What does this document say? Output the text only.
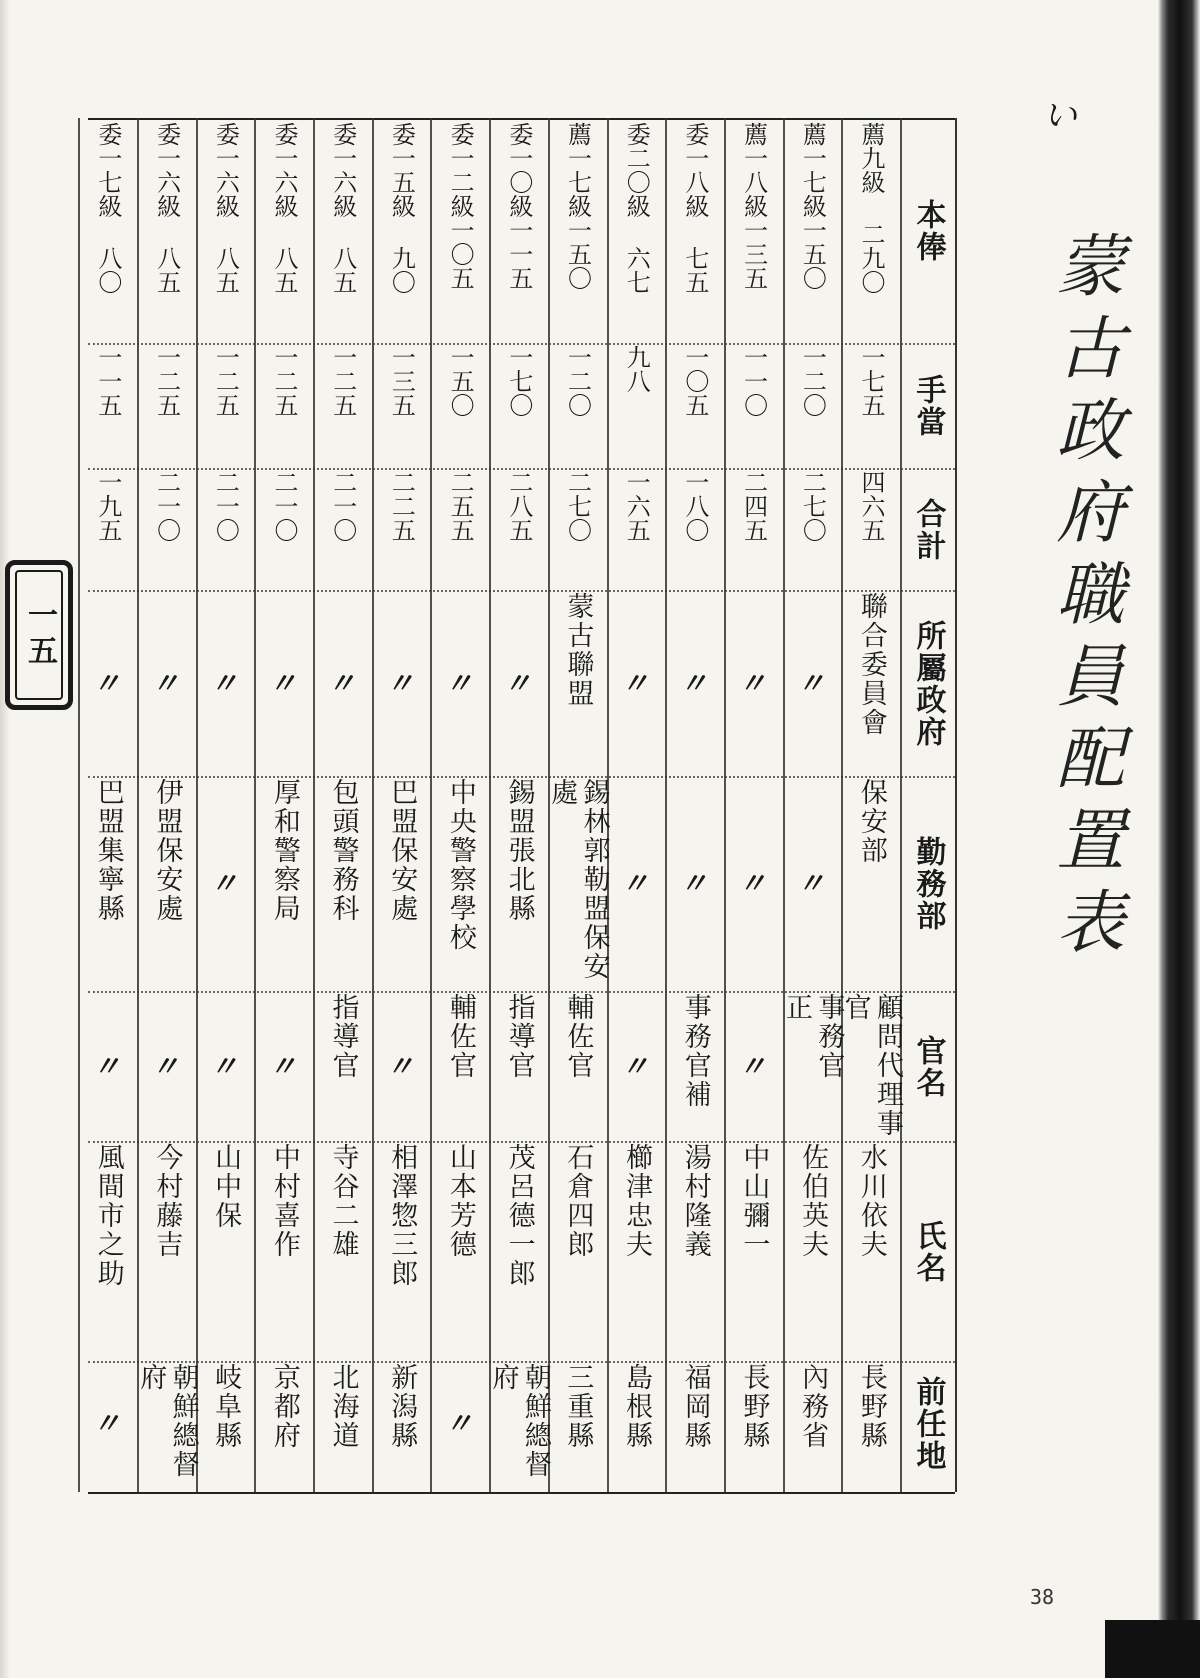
一五
い
蒙古政府職員配置表
38
本俸
手當
合計
所屬政府
勤務部
官名
氏名
前任地
薦九級 二九〇
一七五
四六五
聯合委員會
保安部
顧問代理事官
水川依夫
長野縣
薦一七級一五〇
一二〇
二七〇
〃
〃
事務官 正
佐伯英夫
內務省
薦一八級一三五
一一〇
二四五
〃
〃
〃
中山彌一
長野縣
委一八級 七五
一〇五
一八〇
〃
〃
事務官補
湯村隆義
福岡縣
委二〇級 六七
九八
一六五
〃
〃
〃
櫛津忠夫
島根縣
薦一七級一五〇
一二〇
二七〇
蒙古聯盟
錫林郭勒盟保安處
輔佐官
石倉四郎
三重縣
委一〇級一一五
一七〇
二八五
〃
錫盟張北縣
指導官
茂呂德一郎
朝鮮總督府
委一二級一〇五
一五〇
二五五
〃
中央警察學校
輔佐官
山本芳德
〃
委一五級 九〇
一三五
二二五
〃
巴盟保安處
〃
相澤惣三郎
新潟縣
委一六級 八五
一二五
二一〇
〃
包頭警務科
指導官
寺谷二雄
北海道
委一六級 八五
一二五
二一〇
〃
厚和警察局
〃
中村喜作
京都府
委一六級 八五
一二五
二一〇
〃
〃
〃
山中保
岐阜縣
委一六級 八五
一二五
二一〇
〃
伊盟保安處
〃
今村藤吉
朝鮮總督府
委一七級 八〇
一一五
一九五
〃
巴盟集寧縣
〃
風間市之助
〃
